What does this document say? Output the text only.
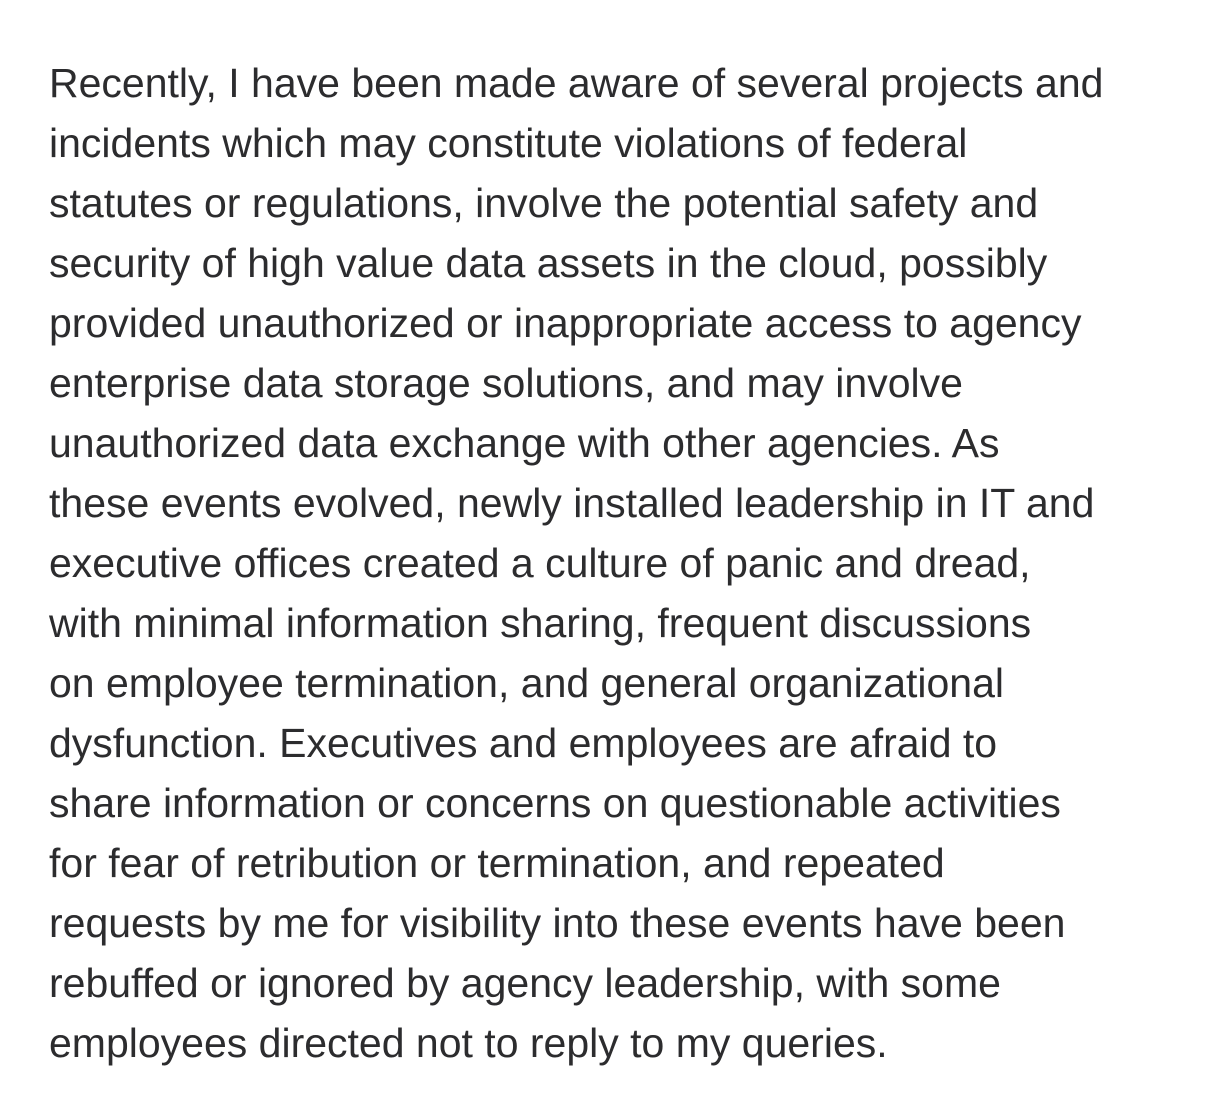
Recently, I have been made aware of several projects and
incidents which may constitute violations of federal
statutes or regulations, involve the potential safety and
security of high value data assets in the cloud, possibly
provided unauthorized or inappropriate access to agency
enterprise data storage solutions, and may involve
unauthorized data exchange with other agencies. As
these events evolved, newly installed leadership in IT and
executive offices created a culture of panic and dread,
with minimal information sharing, frequent discussions
on employee termination, and general organizational
dysfunction. Executives and employees are afraid to
share information or concerns on questionable activities
for fear of retribution or termination, and repeated
requests by me for visibility into these events have been
rebuffed or ignored by agency leadership, with some
employees directed not to reply to my queries.
